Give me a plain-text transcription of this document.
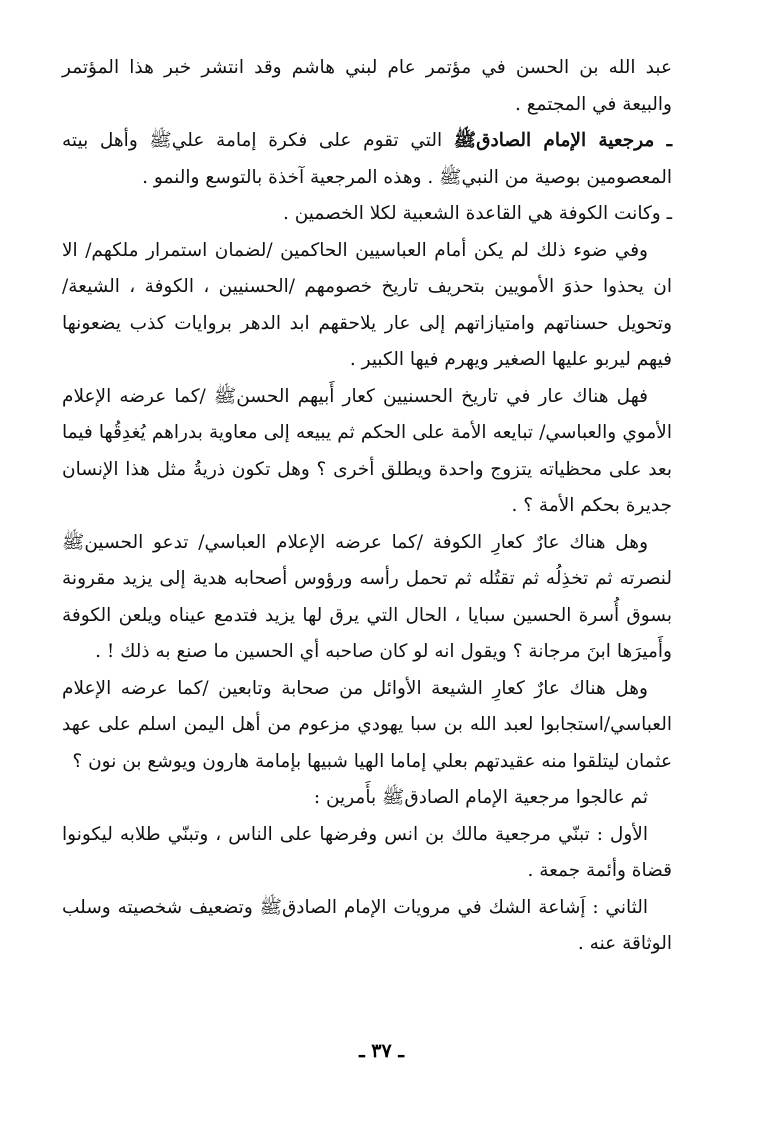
عبد الله بن الحسن في مؤتمر عام لبني هاشم وقد انتشر خبر هذا المؤتمر والبيعة في المجتمع .

ـ مرجعية الإمام الصادقﷺ التي تقوم على فكرة إمامة عليﷺ وأهل بيته المعصومين بوصية من النبيﷺ . وهذه المرجعية آخذة بالتوسع والنمو .

ـ وكانت الكوفة هي القاعدة الشعبية لكلا الخصمين .

وفي ضوء ذلك لم يكن أمام العباسيين الحاكمين /لضمان استمرار ملكهم/ الا ان يحذوا حذوَ الأمويين بتحريف تاريخ خصومهم /الحسنيين ، الكوفة ، الشيعة/ وتحويل حسناتهم وامتيازاتهم إلى عار يلاحقهم ابد الدهر بروايات كذب يضعونها فيهم ليربو عليها الصغير ويهرم فيها الكبير .

فهل هناك عار في تاريخ الحسنيين كعار أَبيهم الحسنﷺ /كما عرضه الإعلام الأموي والعباسي/ تبايعه الأمة على الحكم ثم يبيعه إلى معاوية بدراهم يُغدِقُها فيما بعد على محظياته يتزوج واحدة ويطلق أخرى ؟ وهل تكون ذريةُ مثل هذا الإنسان جديرة بحكم الأمة ؟ .

وهل هناك عارٌ كعارِ الكوفة /كما عرضه الإعلام العباسي/ تدعو الحسينﷺ لنصرته ثم تخذِلُه ثم تقتُله ثم تحمل رأسه ورؤوس أصحابه هدية إلى يزيد مقرونة بسوق أُسرة الحسين سبايا ، الحال التي يرق لها يزيد فتدمع عيناه ويلعن الكوفة وأَميرَها ابنَ مرجانة ؟ ويقول انه لو كان صاحبه أي الحسين ما صنع به ذلك ! .

وهل هناك عارٌ كعارِ الشيعة الأوائل من صحابة وتابعين /كما عرضه الإعلام العباسي/استجابوا لعبد الله بن سبا يهودي مزعوم من أهل اليمن اسلم على عهد عثمان ليتلقوا منه عقيدتهم بعلي إماما الهيا شبيها بإمامة هارون ويوشع بن نون ؟

ثم عالجوا مرجعية الإمام الصادقﷺ بأَمرين :

الأول : تبنّي مرجعية مالك بن انس وفرضها على الناس ، وتبنّي طلابه ليكونوا قضاة وأئمة جمعة .

الثاني : إَشاعة الشك في مرويات الإمام الصادقﷺ وتضعيف شخصيته وسلب الوثاقة عنه .

ـ ٣٧ ـ
